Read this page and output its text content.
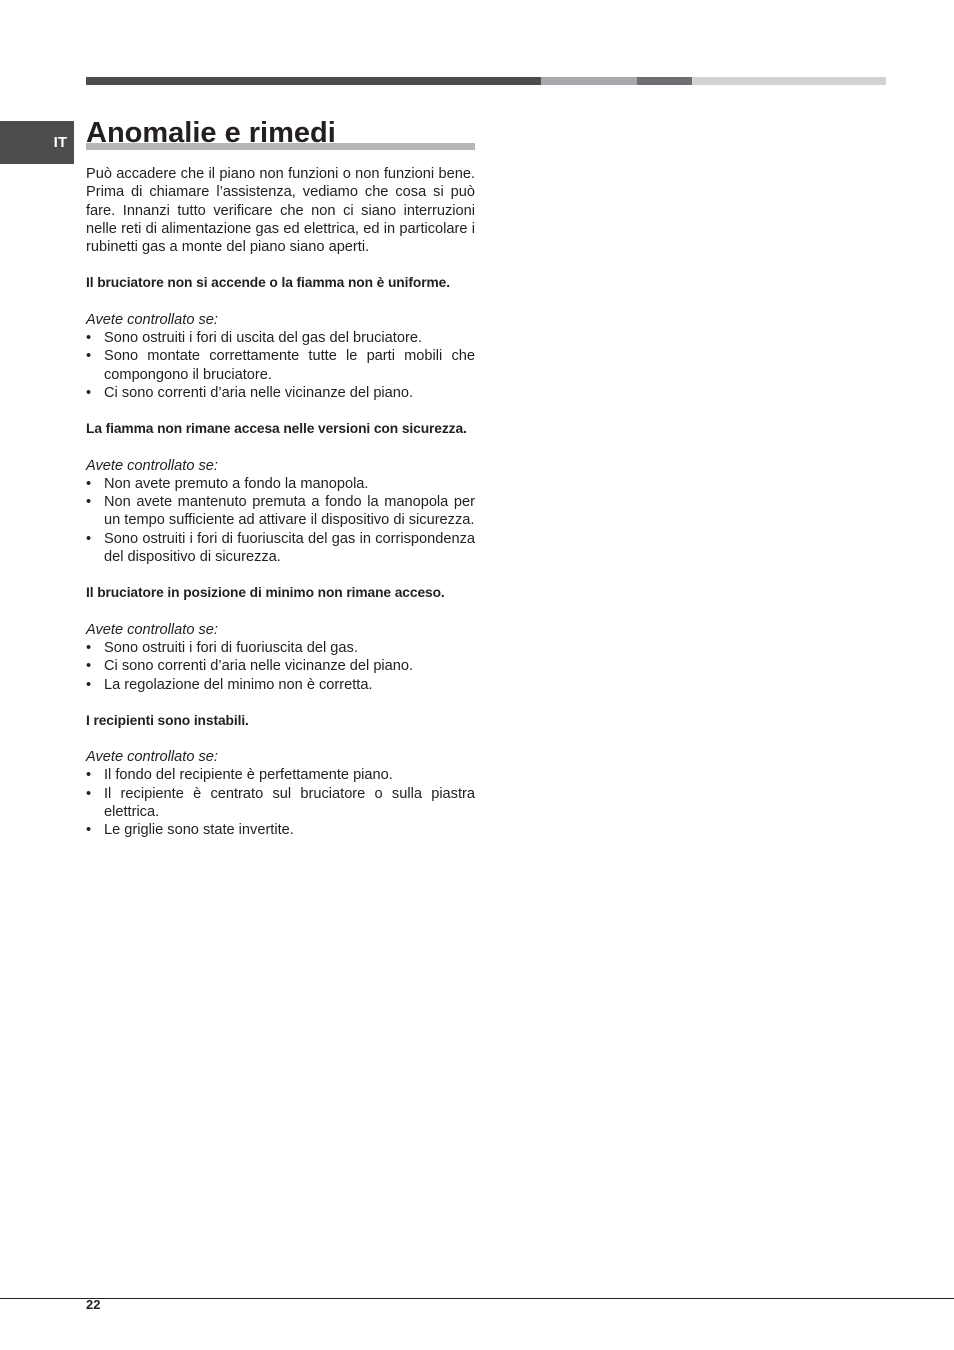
IT Anomalie e rimedi

Può accadere che il piano non funzioni o non funzioni bene. Prima di chiamare l’assistenza, vediamo che cosa si può fare. Innanzi tutto verificare che non ci siano interruzioni nelle reti di alimentazione gas ed elettrica, ed in particolare i rubinetti gas a monte del piano siano aperti.

Il bruciatore non si accende o la fiamma non è uniforme.

Avete controllato se:

• Sono ostruiti i fori di uscita del gas del bruciatore.
• Sono montate correttamente tutte le parti mobili che compongono il bruciatore.
• Ci sono correnti d’aria nelle vicinanze del piano.

La fiamma non rimane accesa nelle versioni con sicurezza.

Avete controllato se:

• Non avete premuto a fondo la manopola.
• Non avete mantenuto premuta a fondo la manopola per un tempo sufficiente ad attivare il dispositivo di sicurezza.
• Sono ostruiti i fori di fuoriuscita del gas in corrispondenza del dispositivo di sicurezza.

Il bruciatore in posizione di minimo non rimane acceso.

Avete controllato se:

• Sono ostruiti i fori di fuoriuscita del gas.
• Ci sono correnti d’aria nelle vicinanze del piano.
• La regolazione del minimo non è corretta.

I recipienti sono instabili.

Avete controllato se:

• Il fondo del recipiente è perfettamente piano.
• Il recipiente è centrato sul bruciatore o sulla piastra elettrica.
• Le griglie sono state invertite.
22
